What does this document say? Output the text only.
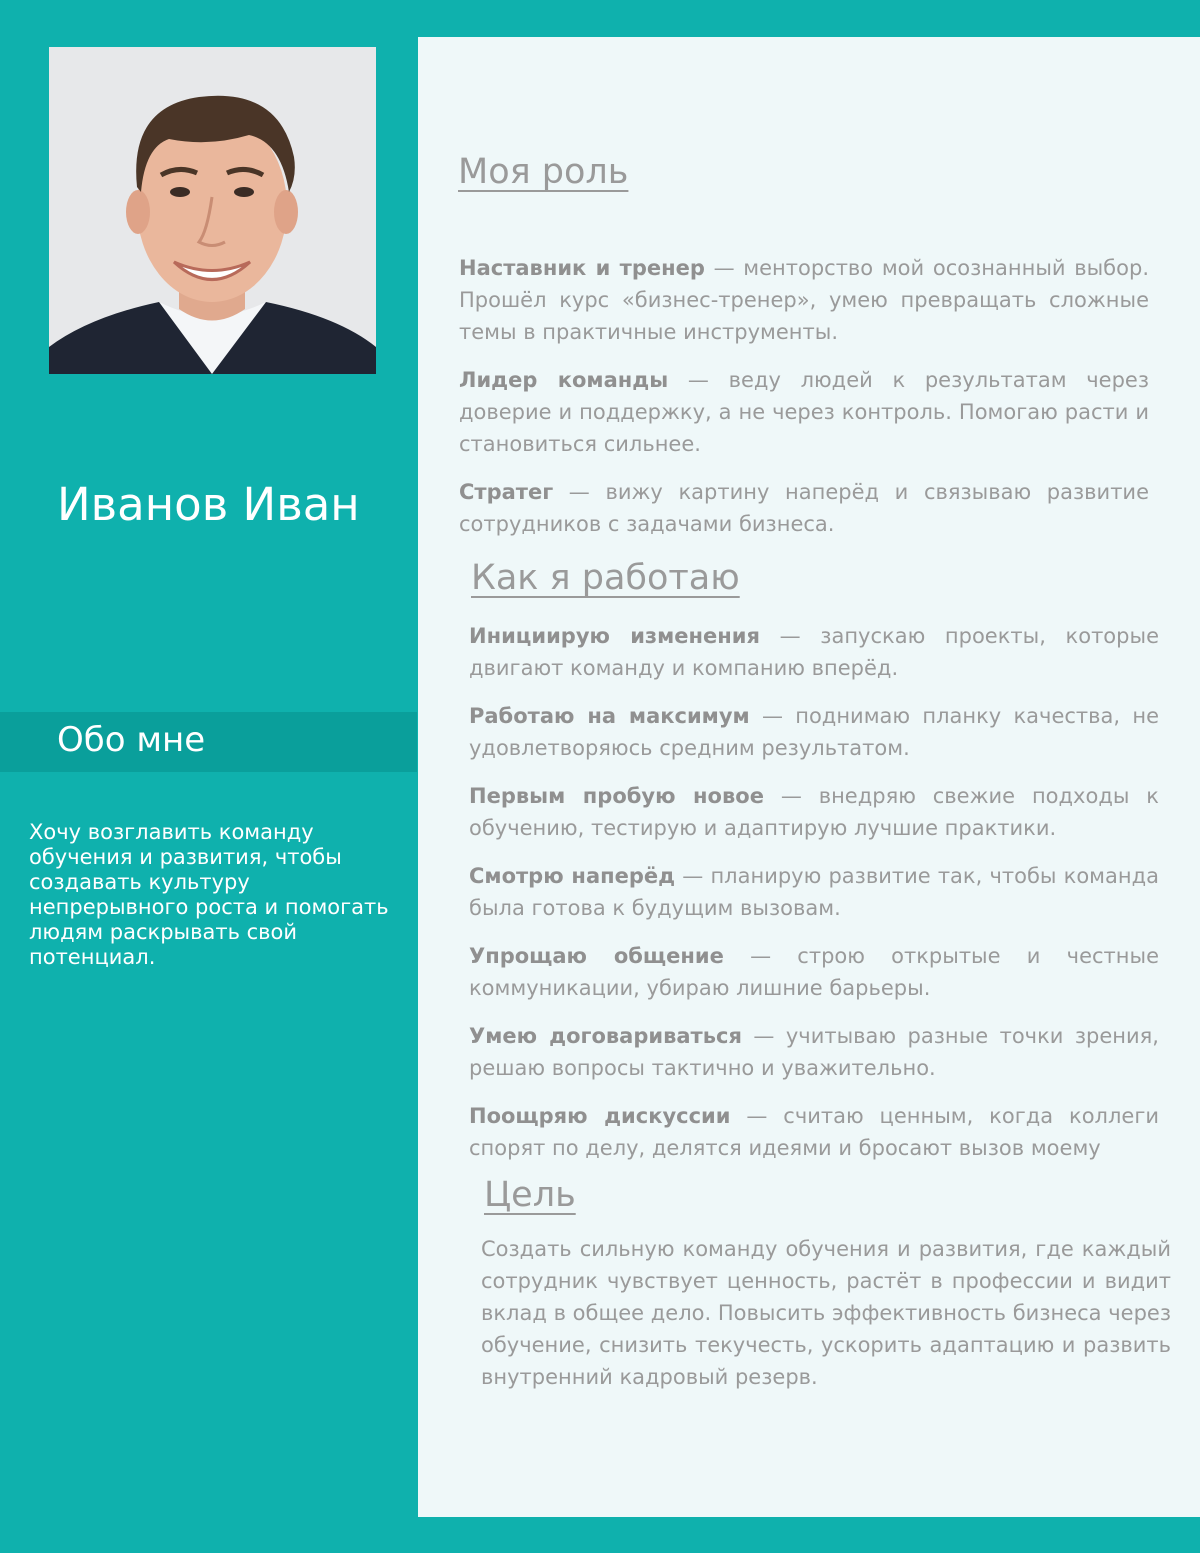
Иванов Иван
Обо мне
Хочу возглавить команду обучения и развития, чтобы создавать культуру непрерывного роста и помогать людям раскрывать свой потенциал.
Моя роль

Наставник и тренер — менторство мой осознанный выбор. Прошёл курс «бизнес-тренер», умею превращать сложные темы в практичные инструменты.

Лидер команды — веду людей к результатам через доверие и поддержку, а не через контроль. Помогаю расти и становиться сильнее.

Стратег — вижу картину наперёд и связываю развитие сотрудников с задачами бизнеса.

Как я работаю

Инициирую изменения — запускаю проекты, которые двигают команду и компанию вперёд.

Работаю на максимум — поднимаю планку качества, не удовлетворяюсь средним результатом.

Первым пробую новое — внедряю свежие подходы к обучению, тестирую и адаптирую лучшие практики.

Смотрю наперёд — планирую развитие так, чтобы команда была готова к будущим вызовам.

Упрощаю общение — строю открытые и честные коммуникации, убираю лишние барьеры.

Умею договариваться — учитываю разные точки зрения, решаю вопросы тактично и уважительно.

Поощряю дискуссии — считаю ценным, когда коллеги спорят по делу, делятся идеями и бросают вызов моему

Цель
Создать сильную команду обучения и развития, где каждый сотрудник чувствует ценность, растёт в профессии и видит вклад в общее дело. Повысить эффективность бизнеса через обучение, снизить текучесть, ускорить адаптацию и развить внутренний кадровый резерв.
